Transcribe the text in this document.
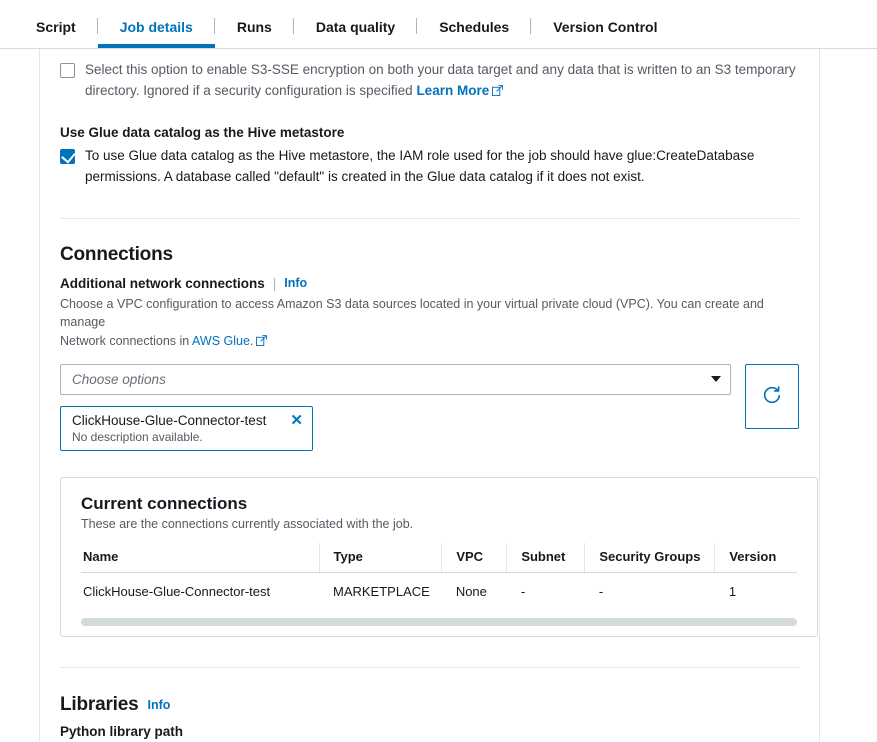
Script	Job details	Runs	Data quality	Schedules	Version Control
Select this option to enable S3-SSE encryption on both your data target and any data that is written to an S3 temporary directory. Ignored if a security configuration is specified Learn More
Use Glue data catalog as the Hive metastore
To use Glue data catalog as the Hive metastore, the IAM role used for the job should have glue:CreateDatabase permissions. A database called "default" is created in the Glue data catalog if it does not exist.
Connections
Additional network connections | Info
Choose a VPC configuration to access Amazon S3 data sources located in your virtual private cloud (VPC). You can create and manage
Network connections in AWS Glue.
Choose options
ClickHouse-Glue-Connector-test ✕
No description available.
Current connections
These are the connections currently associated with the job.
Name	Type	VPC	Subnet	Security Groups	Version
ClickHouse-Glue-Connector-test	MARKETPLACE	None	-	-	1
Libraries Info
Python library path
